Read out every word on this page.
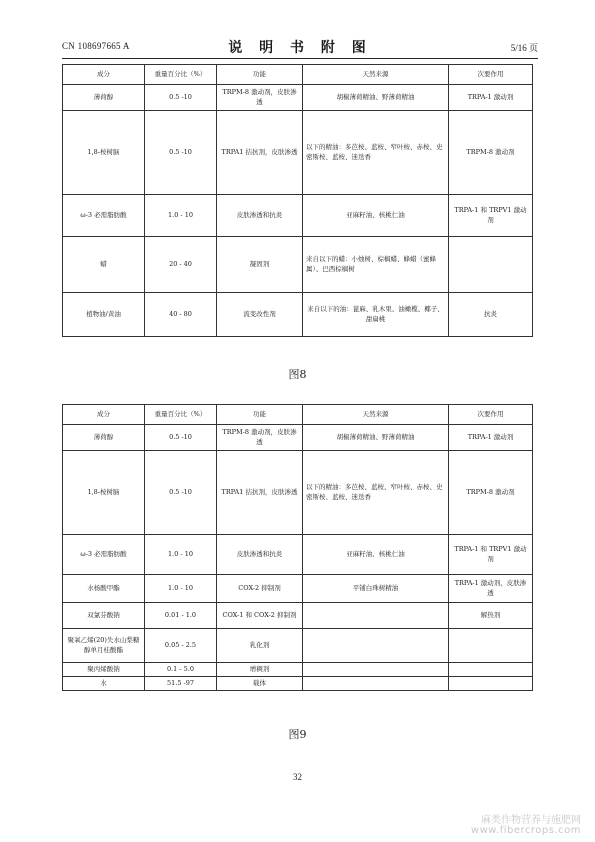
CN 108697665 A	说 明 书 附 图	5/16 页
成分	重量百分比（%）	功能	天然来源	次要作用
薄荷醇	0.5 -10	TRPM-8 激动剂，皮肤渗透	胡椒薄荷精油、野薄荷精油	TRPA-1 激动剂
1,8-桉树脑	0.5 -10	TRPA1 拮抗剂，皮肤渗透	以下的精油：多芭桉、蓝桉、窄叶桉、赤桉、史密斯桉、蓝桉、迷迭香	TRPM-8 激动剂
ω-3 必需脂肪酸	1.0 - 10	皮肤渗透和抗炎	亚麻籽油、核桃仁油	TRPA-1 和 TRPV1 激动剂
蜡	20 - 40	凝固剂	来自以下的蜡：小烛树、棕榈蜡、蜂蜡（蜜蜂属）、巴西棕榈树	
植物油/黄油	40 - 80	流变改性剂	来自以下的油：蓖麻、乳木果、油橄榄、椰子、甜扁桃	抗炎
图8
成分	重量百分比（%）	功能	天然来源	次要作用
薄荷醇	0.5 -10	TRPM-8 激动剂，皮肤渗透	胡椒薄荷精油、野薄荷精油	TRPA-1 激动剂
1,8-桉树脑	0.5 -10	TRPA1 拮抗剂，皮肤渗透	以下的精油：多芭桉、蓝桉、窄叶桉、赤桉、史密斯桉、蓝桉、迷迭香	TRPM-8 激动剂
ω-3 必需脂肪酸	1.0 - 10	皮肤渗透和抗炎	亚麻籽油、核桃仁油	TRPA-1 和 TRPV1 激动剂
水杨酸甲酯	1.0 - 10	COX-2 抑制剂	平铺白珠树精油	TRPA-1 激动剂，皮肤渗透
双氯芬酸钠	0.01 - 1.0	COX-1 和 COX-2 抑制剂		解热剂
聚氧乙烯(20)失水山梨糖醇单月桂酸酯	0.05 - 2.5	乳化剂		
聚丙烯酸钠	0.1 - 5.0	增稠剂		
水	51.5 -97	载体		
图9
32
麻类作物营养与施肥网
www.fibercrops.com
